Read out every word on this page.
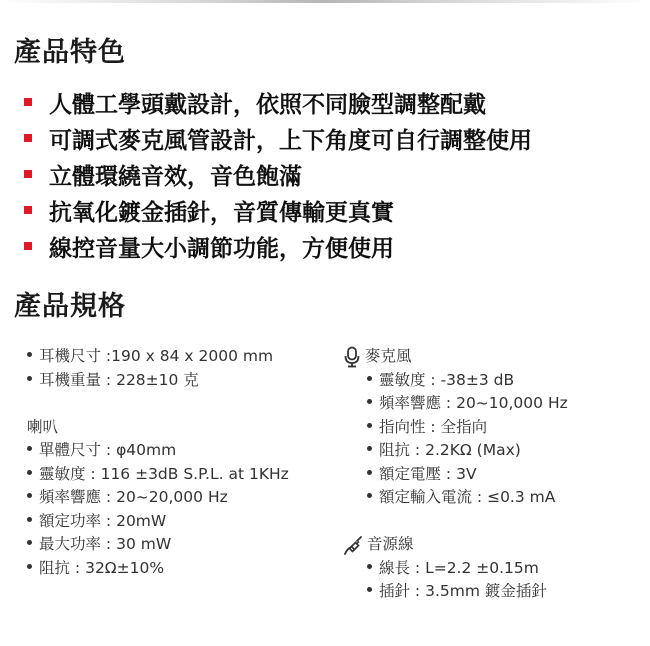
產品特色
人體工學頭戴設計，依照不同臉型調整配戴
可調式麥克風管設計，上下角度可自行調整使用
立體環繞音效，音色飽滿
抗氧化鍍金插針，音質傳輸更真實
線控音量大小調節功能，方便使用
產品規格
耳機尺寸 :190 x 84 x 2000 mm
耳機重量 : 228±10 克
喇叭
單體尺寸 : φ40mm
靈敏度 : 116 ±3dB S.P.L. at 1KHz
頻率響應 : 20~20,000 Hz
額定功率 : 20mW
最大功率 : 30 mW
阻抗 : 32Ω±10%
麥克風
靈敏度 : -38±3 dB
頻率響應 : 20~10,000 Hz
指向性 : 全指向
阻抗 : 2.2KΩ (Max)
額定電壓 : 3V
額定輸入電流 : ≤0.3 mA
音源線
線長 : L=2.2 ±0.15m
插針 : 3.5mm 鍍金插針
